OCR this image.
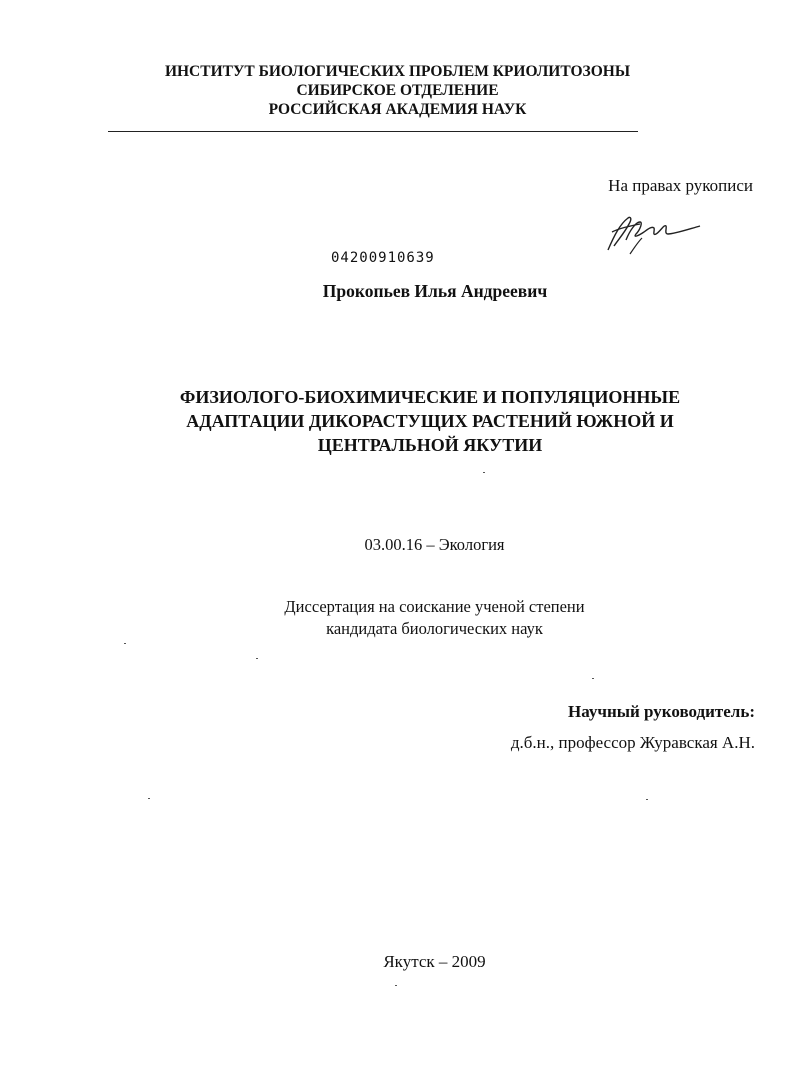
ИНСТИТУТ БИОЛОГИЧЕСКИХ ПРОБЛЕМ КРИОЛИТОЗОНЫ
СИБИРСКОЕ ОТДЕЛЕНИЕ
РОССИЙСКАЯ АКАДЕМИЯ НАУК
На правах рукописи
04200910639
Прокопьев Илья Андреевич
ФИЗИОЛОГО-БИОХИМИЧЕСКИЕ И ПОПУЛЯЦИОННЫЕ
АДАПТАЦИИ ДИКОРАСТУЩИХ РАСТЕНИЙ ЮЖНОЙ И
ЦЕНТРАЛЬНОЙ ЯКУТИИ
03.00.16 – Экология
Диссертация на соискание ученой степени
кандидата биологических наук
Научный руководитель:
д.б.н., профессор Журавская А.Н.
Якутск – 2009
